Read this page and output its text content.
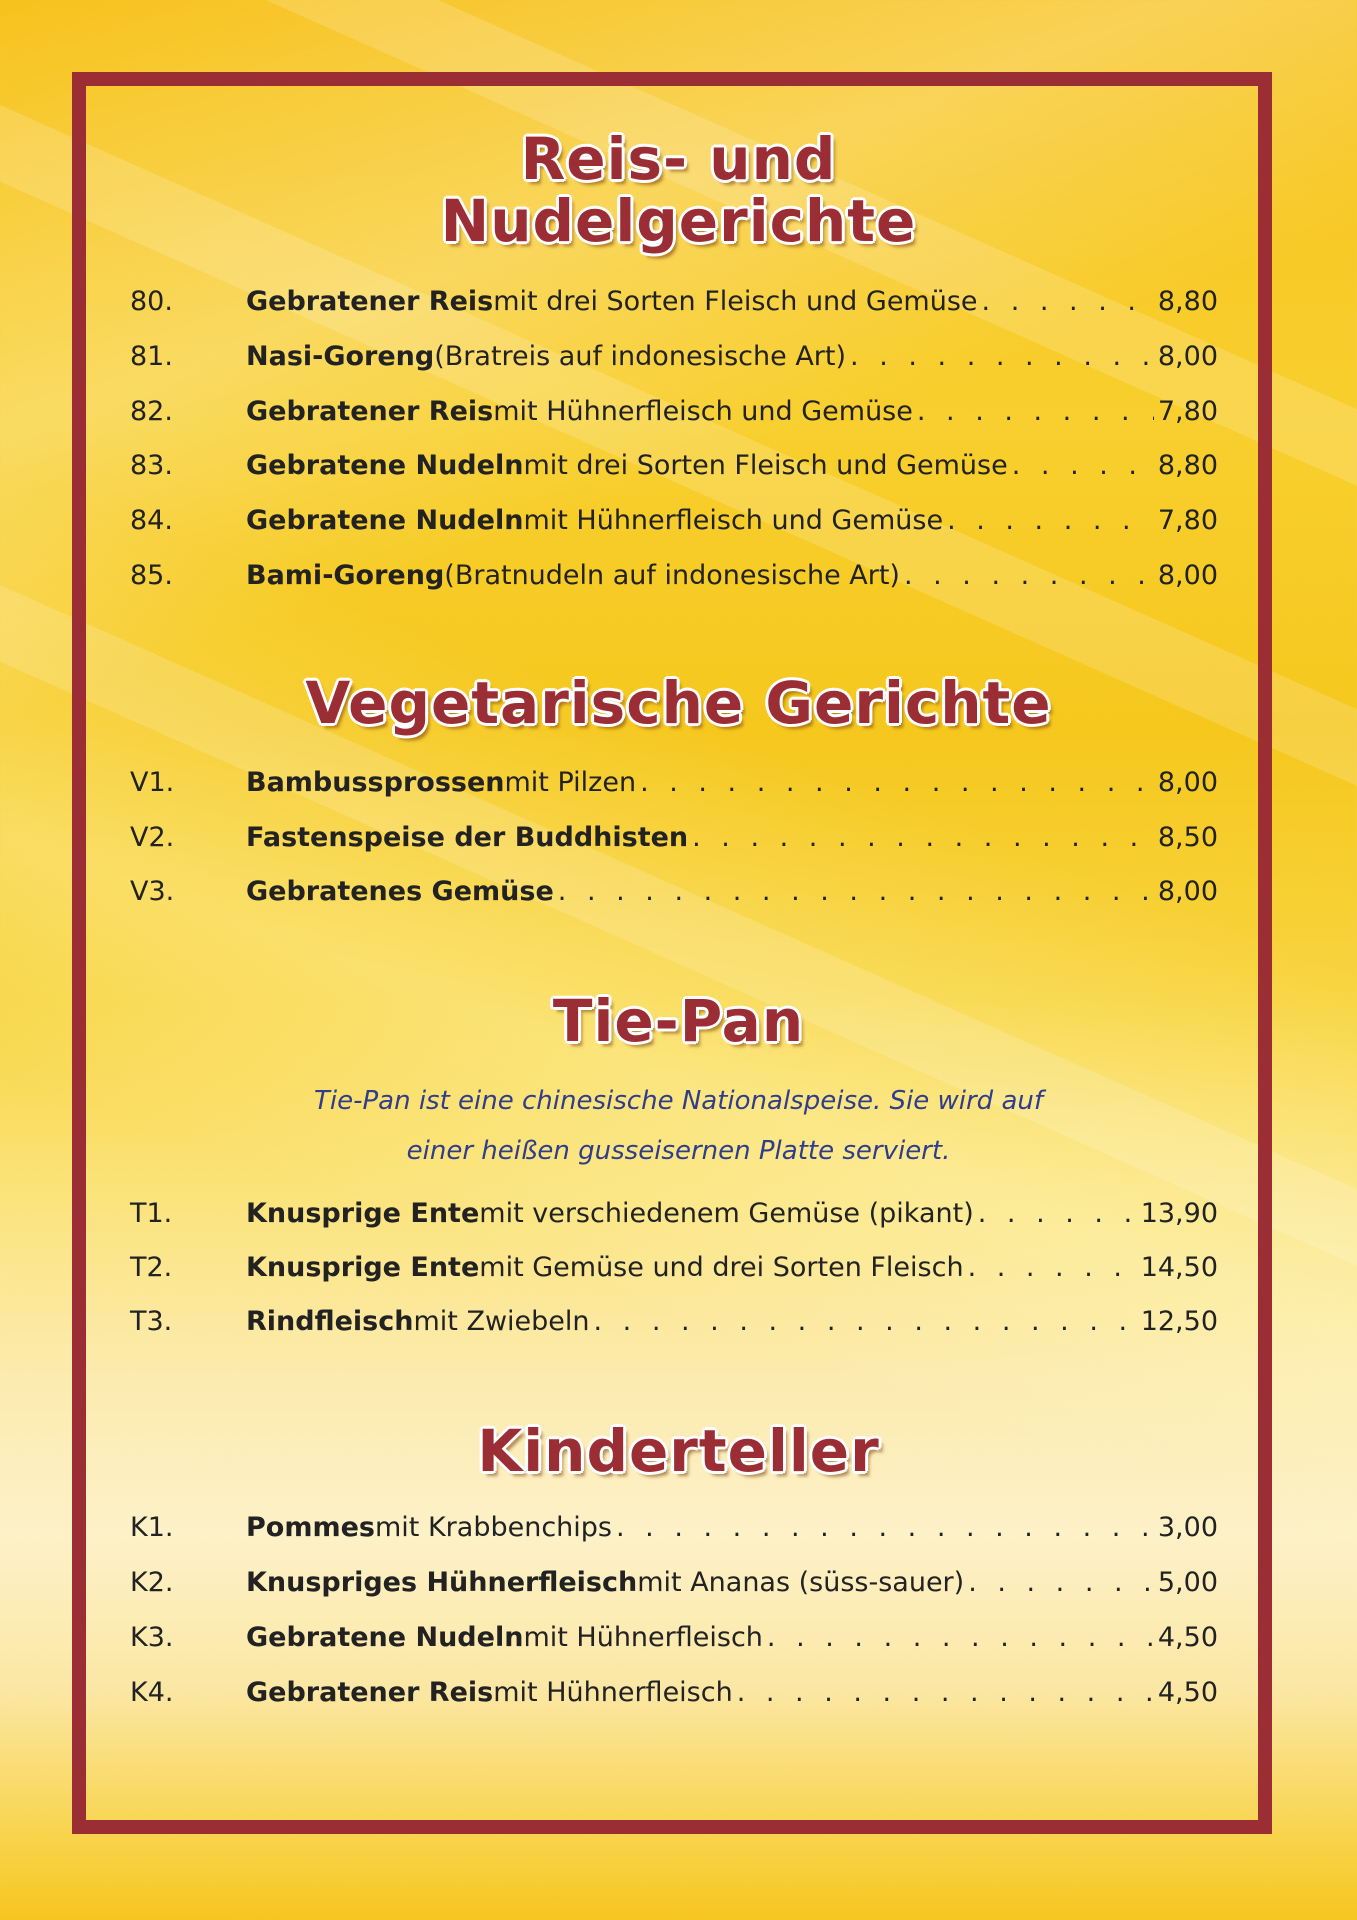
Reis- und
Nudelgerichte
80.	Gebratener Reis mit drei Sorten Fleisch und Gemüse . . .	8,80
81.	Nasi-Goreng (Bratreis auf indonesische Art) . . .	8,00
82.	Gebratener Reis mit Hühnerfleisch und Gemüse . . .	7,80
83.	Gebratene Nudeln mit drei Sorten Fleisch und Gemüse . . .	8,80
84.	Gebratene Nudeln mit Hühnerfleisch und Gemüse . . .	7,80
85.	Bami-Goreng (Bratnudeln auf indonesische Art) . . .	8,00
Vegetarische Gerichte
V1.	Bambussprossen mit Pilzen . . .	8,00
V2.	Fastenspeise der Buddhisten . . .	8,50
V3.	Gebratenes Gemüse . . .	8,00
Tie-Pan
Tie-Pan ist eine chinesische Nationalspeise. Sie wird auf
einer heißen gusseisernen Platte serviert.
T1.	Knusprige Ente mit verschiedenem Gemüse (pikant) . . .	13,90
T2.	Knusprige Ente mit Gemüse und drei Sorten Fleisch . . .	14,50
T3.	Rindfleisch mit Zwiebeln . . .	12,50
Kinderteller
K1.	Pommes mit Krabbenchips . . .	3,00
K2.	Knuspriges Hühnerfleisch mit Ananas (süss-sauer) . . .	5,00
K3.	Gebratene Nudeln mit Hühnerfleisch . . .	4,50
K4.	Gebratener Reis mit Hühnerfleisch . . .	4,50
